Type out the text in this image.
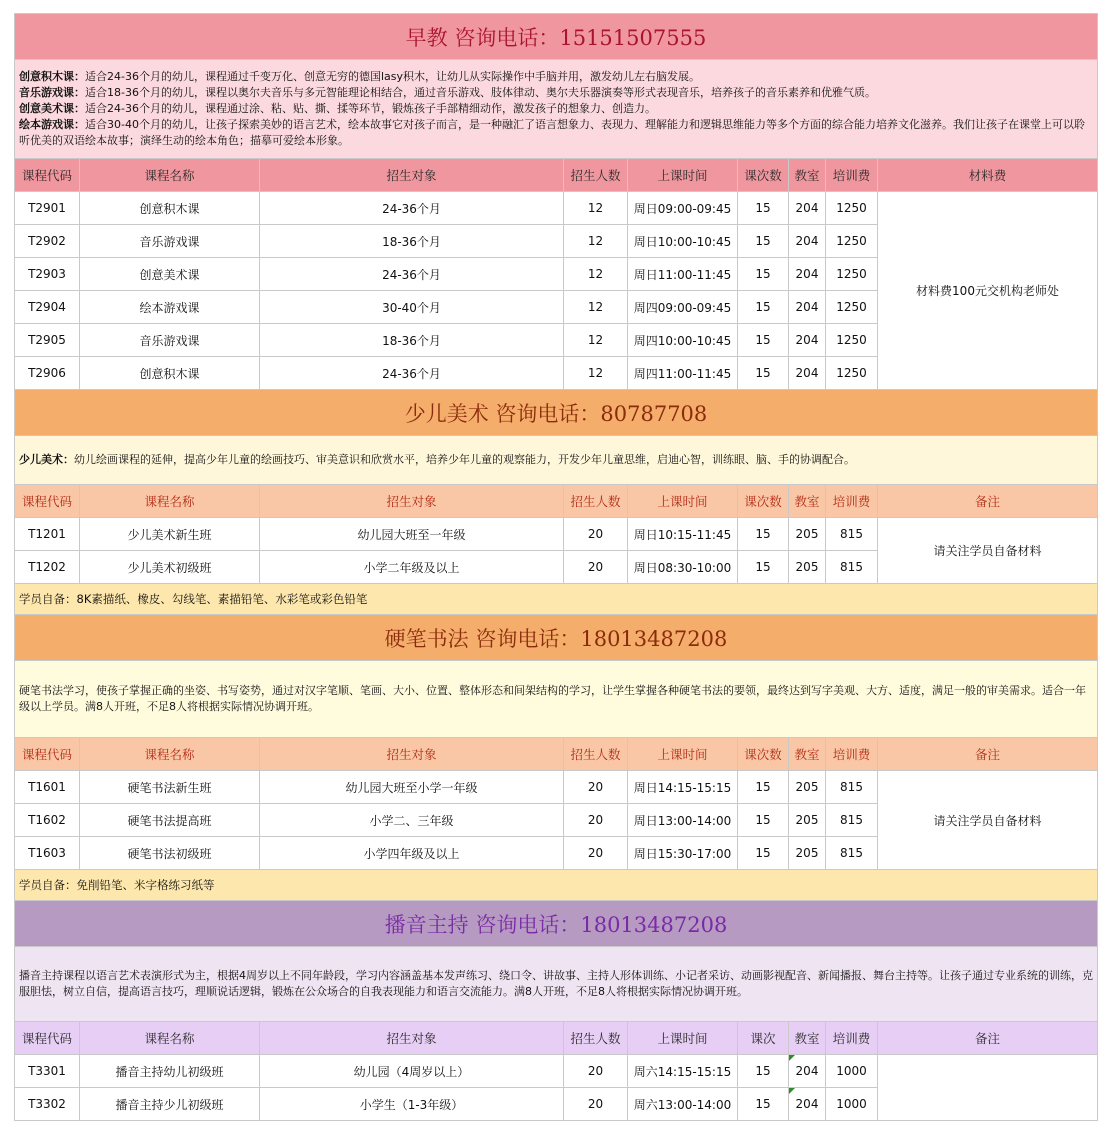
早教 咨询电话：15151507555								

创意积木课：适合24-36个月的幼儿，课程通过千变万化、创意无穷的德国lasy积木，让幼儿从实际操作中手脑并用，激发幼儿左右脑发展。
音乐游戏课：适合18-36个月的幼儿，课程以奥尔夫音乐与多元智能理论相结合，通过音乐游戏、肢体律动、奥尔夫乐器演奏等形式表现音乐，培养孩子的音乐素养和优雅气质。
创意美术课：适合24-36个月的幼儿，课程通过涂、粘、贴、撕、揉等环节，锻炼孩子手部精细动作，激发孩子的想象力、创造力。
绘本游戏课：适合30-40个月的幼儿，让孩子探索美妙的语言艺术，绘本故事它对孩子而言，是一种融汇了语言想象力、表现力、理解能力和逻辑思维能力等多个方面的综合能力培养文化滋养。我们让孩子在课堂上可以聆听优美的双语绘本故事；演绎生动的绘本角色；描摹可爱绘本形象。								

课程代码	课程名称	招生对象	招生人数	上课时间	课次数	教室	培训费	材料费
T2901	创意积木课	24-36个月	12	周日09:00-09:45	15	204	1250	材料费100元交机构老师处
T2902	音乐游戏课	18-36个月	12	周日10:00-10:45	15	204	1250	
T2903	创意美术课	24-36个月	12	周日11:00-11:45	15	204	1250	
T2904	绘本游戏课	30-40个月	12	周四09:00-09:45	15	204	1250	
T2905	音乐游戏课	18-36个月	12	周四10:00-10:45	15	204	1250	
T2906	创意积木课	24-36个月	12	周四11:00-11:45	15	204	1250	
少儿美术 咨询电话：80787708								
少儿美术：幼儿绘画课程的延伸，提高少年儿童的绘画技巧、审美意识和欣赏水平，培养少年儿童的观察能力，开发少年儿童思维，启迪心智，训练眼、脑、手的协调配合。								
课程代码	课程名称	招生对象	招生人数	上课时间	课次数	教室	培训费	备注
T1201	少儿美术新生班	幼儿园大班至一年级	20	周日10:15-11:45	15	205	815	请关注学员自备材料
T1202	少儿美术初级班	小学二年级及以上	20	周日08:30-10:00	15	205	815	
学员自备：8K素描纸、橡皮、勾线笔、素描铅笔、水彩笔或彩色铅笔								
硬笔书法 咨询电话：18013487208								
硬笔书法学习，使孩子掌握正确的坐姿、书写姿势，通过对汉字笔顺、笔画、大小、位置、整体形态和间架结构的学习，让学生掌握各种硬笔书法的要领，最终达到写字美观、大方、适度，满足一般的审美需求。适合一年级以上学员。满8人开班，不足8人将根据实际情况协调开班。								
课程代码	课程名称	招生对象	招生人数	上课时间	课次数	教室	培训费	备注
T1601	硬笔书法新生班	幼儿园大班至小学一年级	20	周日14:15-15:15	15	205	815	请关注学员自备材料
T1602	硬笔书法提高班	小学二、三年级	20	周日13:00-14:00	15	205	815	
T1603	硬笔书法初级班	小学四年级及以上	20	周日15:30-17:00	15	205	815	
学员自备：免削铅笔、米字格练习纸等								
播音主持 咨询电话：18013487208								
播音主持课程以语言艺术表演形式为主，根据4周岁以上不同年龄段，学习内容涵盖基本发声练习、绕口令、讲故事、主持人形体训练、小记者采访、动画影视配音、新闻播报、舞台主持等。让孩子通过专业系统的训练，克服胆怯，树立自信，提高语言技巧，理顺说话逻辑，锻炼在公众场合的自我表现能力和语言交流能力。满8人开班，不足8人将根据实际情况协调开班。								
课程代码	课程名称	招生对象	招生人数	上课时间	课次	教室	培训费	备注
T3301	播音主持幼儿初级班	幼儿园（4周岁以上）	20	周六14:15-15:15	15	204	1000	
T3302	播音主持少儿初级班	小学生（1-3年级）	20	周六13:00-14:00	15	204	1000	
